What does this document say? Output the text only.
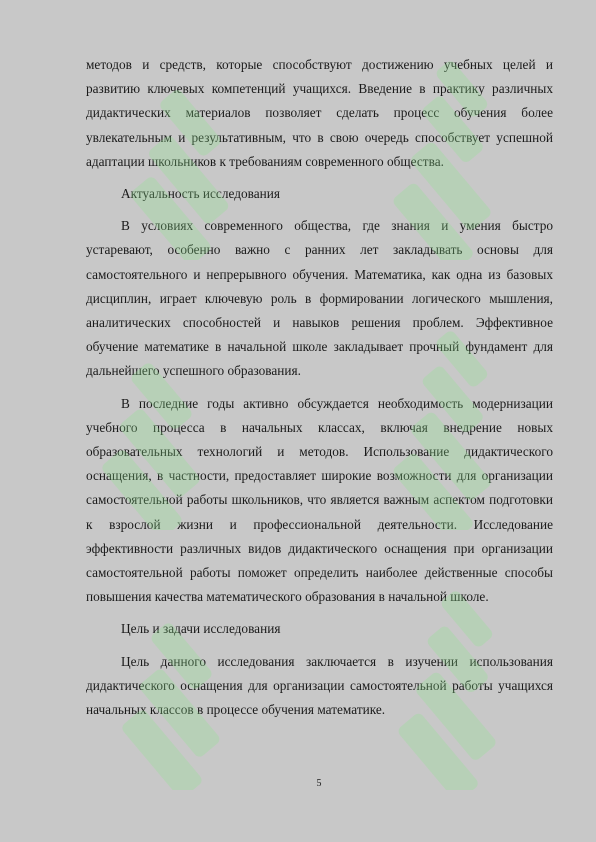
методов и средств, которые способствуют достижению учебных целей и развитию ключевых компетенций учащихся. Введение в практику различных дидактических материалов позволяет сделать процесс обучения более увлекательным и результативным, что в свою очередь способствует успешной адаптации школьников к требованиям современного общества.

Актуальность исследования

В условиях современного общества, где знания и умения быстро устаревают, особенно важно с ранних лет закладывать основы для самостоятельного и непрерывного обучения. Математика, как одна из базовых дисциплин, играет ключевую роль в формировании логического мышления, аналитических способностей и навыков решения проблем. Эффективное обучение математике в начальной школе закладывает прочный фундамент для дальнейшего успешного образования.

В последние годы активно обсуждается необходимость модернизации учебного процесса в начальных классах, включая внедрение новых образовательных технологий и методов. Использование дидактического оснащения, в частности, предоставляет широкие возможности для организации самостоятельной работы школьников, что является важным аспектом подготовки к взрослой жизни и профессиональной деятельности. Исследование эффективности различных видов дидактического оснащения при организации самостоятельной работы поможет определить наиболее действенные способы повышения качества математического образования в начальной школе.

Цель и задачи исследования

Цель данного исследования заключается в изучении использования дидактического оснащения для организации самостоятельной работы учащихся начальных классов в процессе обучения математике.

5
